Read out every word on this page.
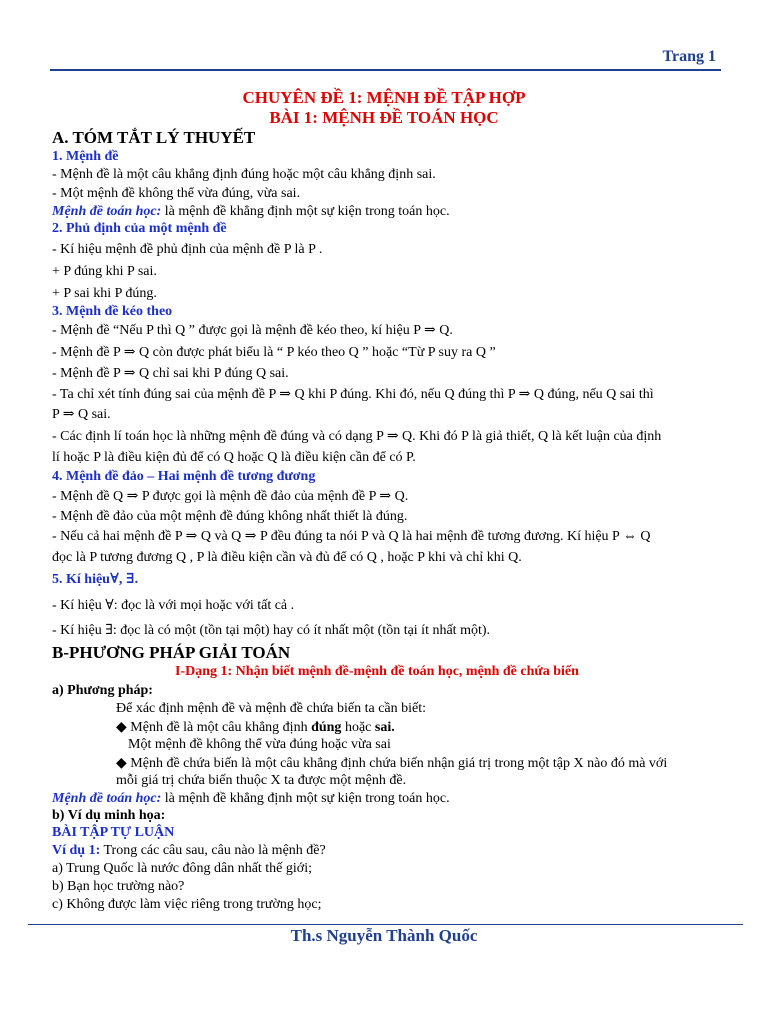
Trang 1
CHUYÊN ĐỀ 1: MỆNH ĐỀ TẬP HỢP
BÀI 1: MỆNH ĐỀ TOÁN HỌC
A. TÓM TẮT LÝ THUYẾT
1. Mệnh đề
- Mệnh đề là một câu khẳng định đúng hoặc một câu khẳng định sai.
- Một mệnh đề không thể vừa đúng, vừa sai.
Mệnh đề toán học: là mệnh đề khẳng định một sự kiện trong toán học.
2. Phủ định của một mệnh đề
- Kí hiệu mệnh đề phủ định của mệnh đề P là P .
+ P đúng khi P sai.
+ P sai khi P đúng.
3. Mệnh đề kéo theo
- Mệnh đề “Nếu P thì Q ” được gọi là mệnh đề kéo theo, kí hiệu P ⇒ Q.
- Mệnh đề P ⇒ Q còn được phát biểu là “ P kéo theo Q ” hoặc “Từ P suy ra Q ”
- Mệnh đề P ⇒ Q chỉ sai khi P đúng Q sai.
- Ta chỉ xét tính đúng sai của mệnh đề P ⇒ Q khi P đúng. Khi đó, nếu Q đúng thì P ⇒ Q đúng, nếu Q sai thì
P ⇒ Q sai.
- Các định lí toán học là những mệnh đề đúng và có dạng P ⇒ Q. Khi đó P là giả thiết, Q là kết luận của định
lí hoặc P là điều kiện đủ để có Q hoặc Q là điều kiện cần để có P.
4. Mệnh đề đảo – Hai mệnh đề tương đương
- Mệnh đề Q ⇒ P được gọi là mệnh đề đảo của mệnh đề P ⇒ Q.
- Mệnh đề đảo của một mệnh đề đúng không nhất thiết là đúng.
- Nếu cả hai mệnh đề P ⇒ Q và Q ⇒ P đều đúng ta nói P và Q là hai mệnh đề tương đương. Kí hiệu P ⇔ Q
đọc là P tương đương Q , P là điều kiện cần và đủ để có Q , hoặc P khi và chỉ khi Q.
5. Kí hiệu∀, ∃.
- Kí hiệu ∀: đọc là với mọi hoặc với tất cả .
- Kí hiệu ∃: đọc là có một (tồn tại một) hay có ít nhất một (tồn tại ít nhất một).
B-PHƯƠNG PHÁP GIẢI TOÁN
I-Dạng 1: Nhận biết mệnh đề-mệnh đề toán học, mệnh đề chứa biến
a) Phương pháp:
Để xác định mệnh đề và mệnh đề chứa biến ta cần biết:
◆ Mệnh đề là một câu khẳng định đúng hoặc sai.
Một mệnh đề không thể vừa đúng hoặc vừa sai
◆ Mệnh đề chứa biến là một câu khẳng định chứa biến nhận giá trị trong một tập X nào đó mà với
mỗi giá trị chứa biến thuộc X ta được một mệnh đề.
Mệnh đề toán học: là mệnh đề khẳng định một sự kiện trong toán học.
b) Ví dụ minh họa:
BÀI TẬP TỰ LUẬN
Ví dụ 1: Trong các câu sau, câu nào là mệnh đề?
a) Trung Quốc là nước đông dân nhất thế giới;
b) Bạn học trường nào?
c) Không được làm việc riêng trong trường học;
Th.s Nguyễn Thành Quốc
